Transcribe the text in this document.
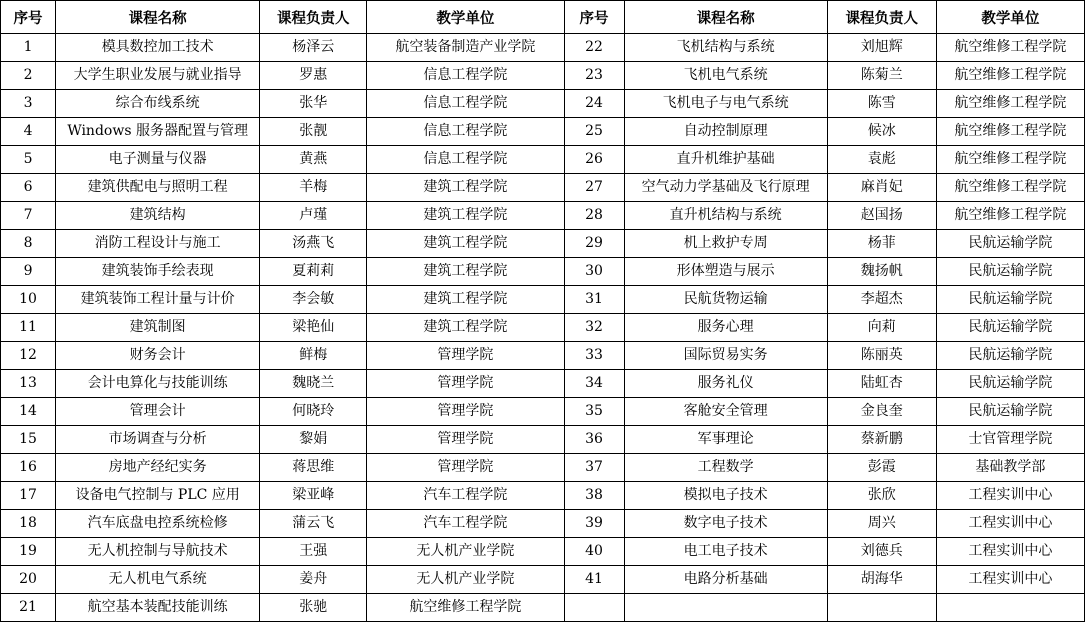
序号	课程名称	课程负责人	教学单位	序号	课程名称	课程负责人	教学单位
1	模具数控加工技术	杨泽云	航空装备制造产业学院	22	飞机结构与系统	刘旭辉	航空维修工程学院
2	大学生职业发展与就业指导	罗惠	信息工程学院	23	飞机电气系统	陈菊兰	航空维修工程学院
3	综合布线系统	张华	信息工程学院	24	飞机电子与电气系统	陈雪	航空维修工程学院
4	Windows 服务器配置与管理	张靓	信息工程学院	25	自动控制原理	候冰	航空维修工程学院
5	电子测量与仪器	黄燕	信息工程学院	26	直升机维护基础	袁彪	航空维修工程学院
6	建筑供配电与照明工程	羊梅	建筑工程学院	27	空气动力学基础及飞行原理	麻肖妃	航空维修工程学院
7	建筑结构	卢瑾	建筑工程学院	28	直升机结构与系统	赵国扬	航空维修工程学院
8	消防工程设计与施工	汤燕飞	建筑工程学院	29	机上救护专周	杨菲	民航运输学院
9	建筑装饰手绘表现	夏莉莉	建筑工程学院	30	形体塑造与展示	魏扬帆	民航运输学院
10	建筑装饰工程计量与计价	李会敏	建筑工程学院	31	民航货物运输	李超杰	民航运输学院
11	建筑制图	梁艳仙	建筑工程学院	32	服务心理	向莉	民航运输学院
12	财务会计	鲜梅	管理学院	33	国际贸易实务	陈丽英	民航运输学院
13	会计电算化与技能训练	魏晓兰	管理学院	34	服务礼仪	陆虹杏	民航运输学院
14	管理会计	何晓玲	管理学院	35	客舱安全管理	金良奎	民航运输学院
15	市场调查与分析	黎娟	管理学院	36	军事理论	蔡新鹏	士官管理学院
16	房地产经纪实务	蒋思维	管理学院	37	工程数学	彭霞	基础教学部
17	设备电气控制与 PLC 应用	梁亚峰	汽车工程学院	38	模拟电子技术	张欣	工程实训中心
18	汽车底盘电控系统检修	蒲云飞	汽车工程学院	39	数字电子技术	周兴	工程实训中心
19	无人机控制与导航技术	王强	无人机产业学院	40	电工电子技术	刘德兵	工程实训中心
20	无人机电气系统	姜舟	无人机产业学院	41	电路分析基础	胡海华	工程实训中心
21	航空基本装配技能训练	张驰	航空维修工程学院				
